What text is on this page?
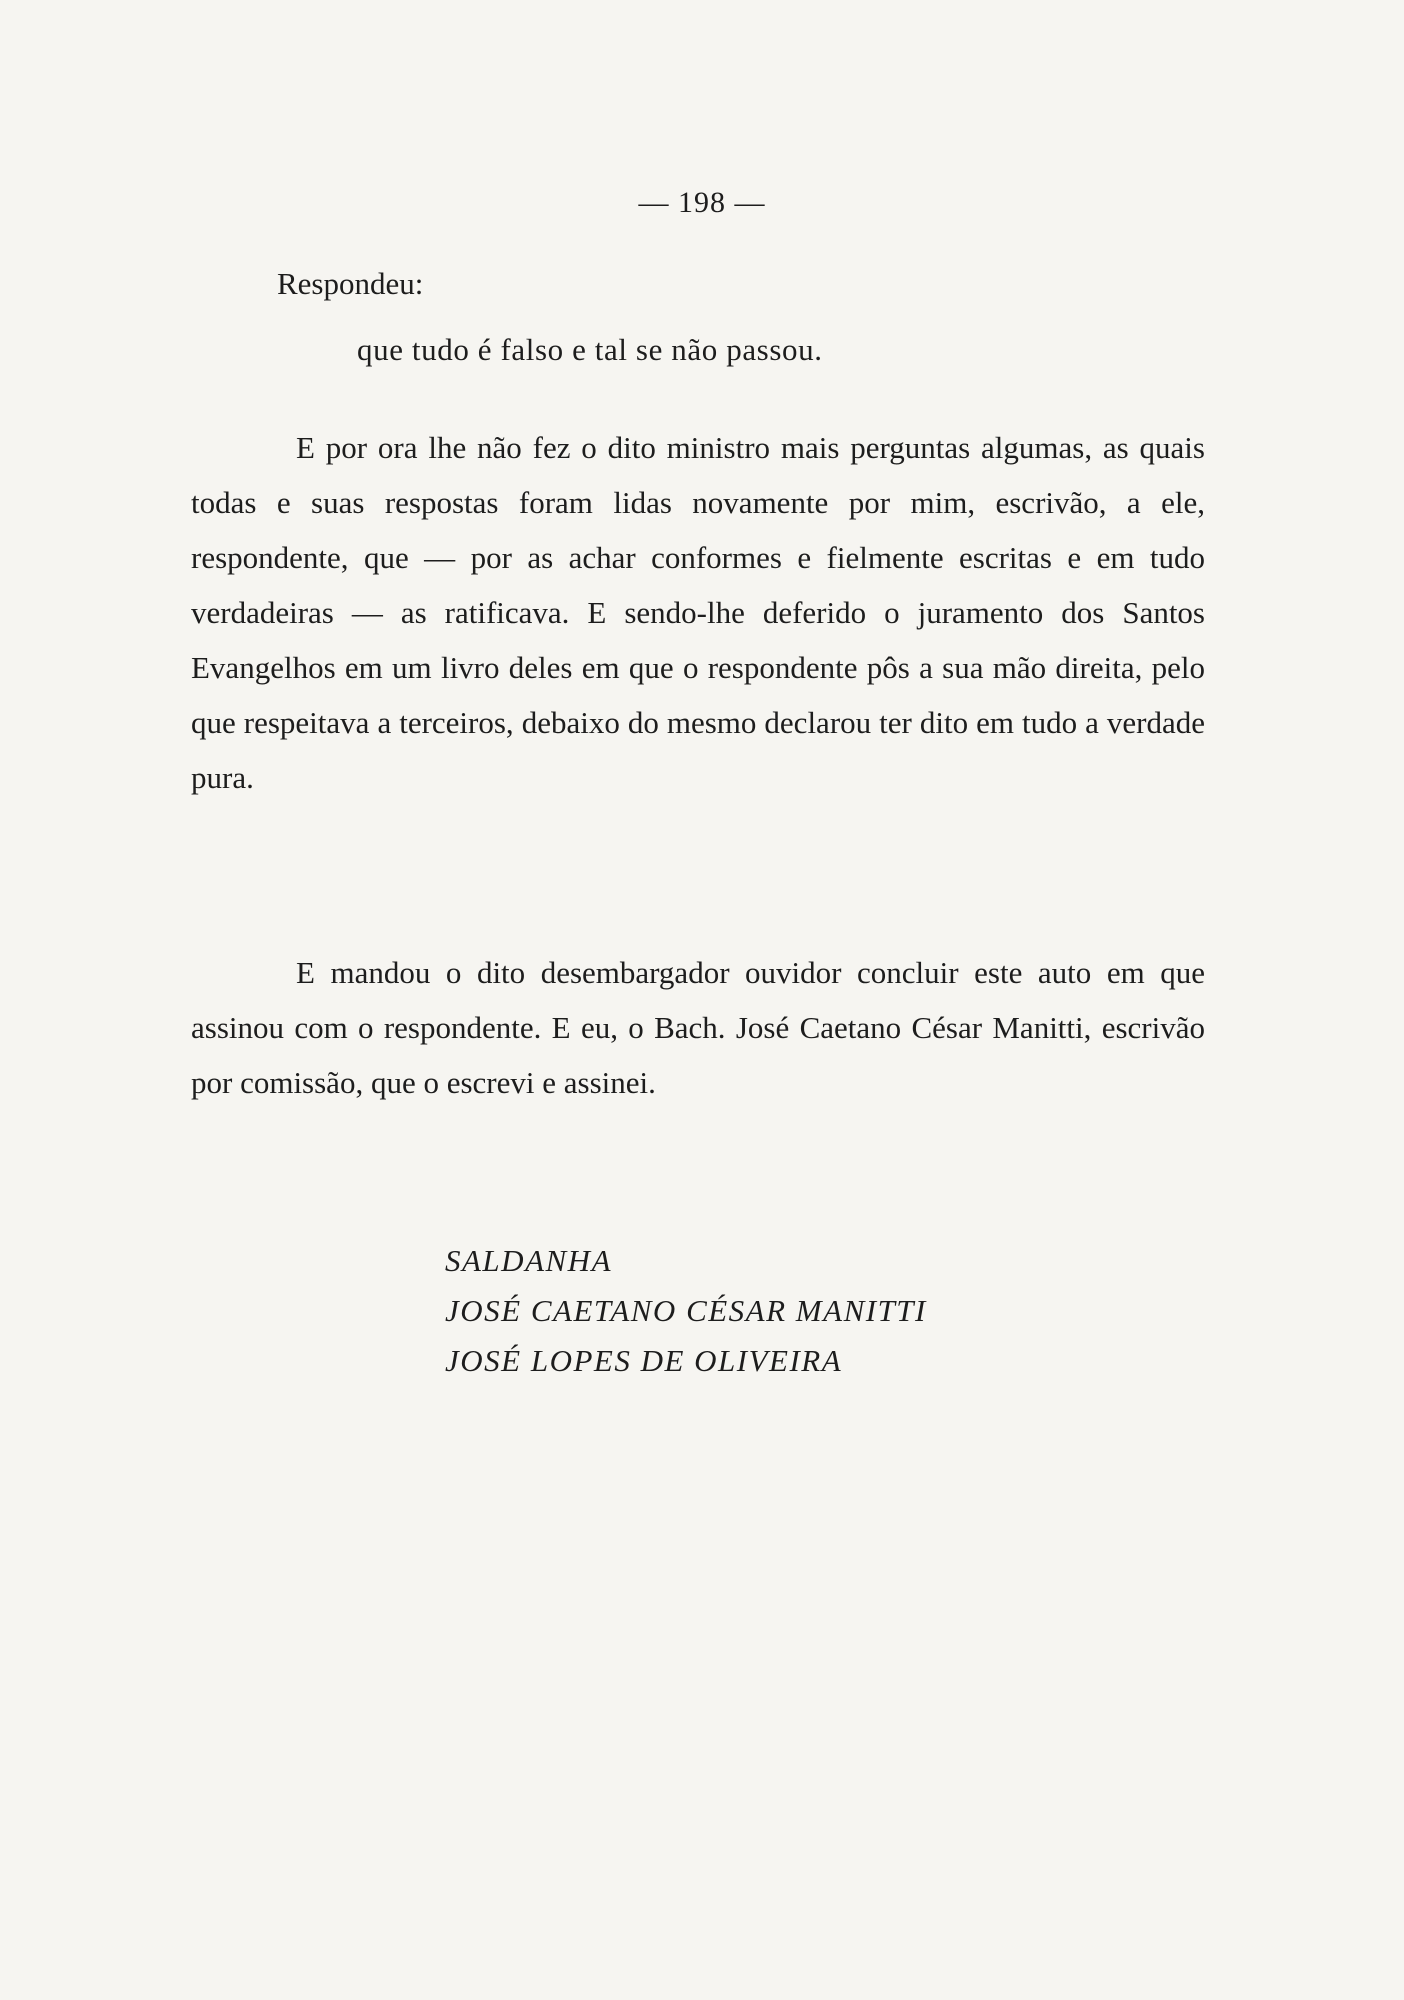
— 198 —
Respondeu:
que tudo é falso e tal se não passou.
E por ora lhe não fez o dito ministro mais perguntas algumas, as quais todas e suas respostas foram lidas novamente por mim, escrivão, a ele, respondente, que — por as achar conformes e fielmente escritas e em tudo verdadeiras — as ratificava. E sendo-lhe deferido o juramento dos Santos Evangelhos em um livro deles em que o respondente pôs a sua mão direita, pelo que respeitava a terceiros, debaixo do mesmo declarou ter dito em tudo a verdade pura.
E mandou o dito desembargador ouvidor concluir este auto em que assinou com o respondente. E eu, o Bach. José Caetano César Manitti, escrivão por comissão, que o escrevi e assinei.
SALDANHA
JOSÉ CAETANO CÉSAR MANITTI
JOSÉ LOPES DE OLIVEIRA
